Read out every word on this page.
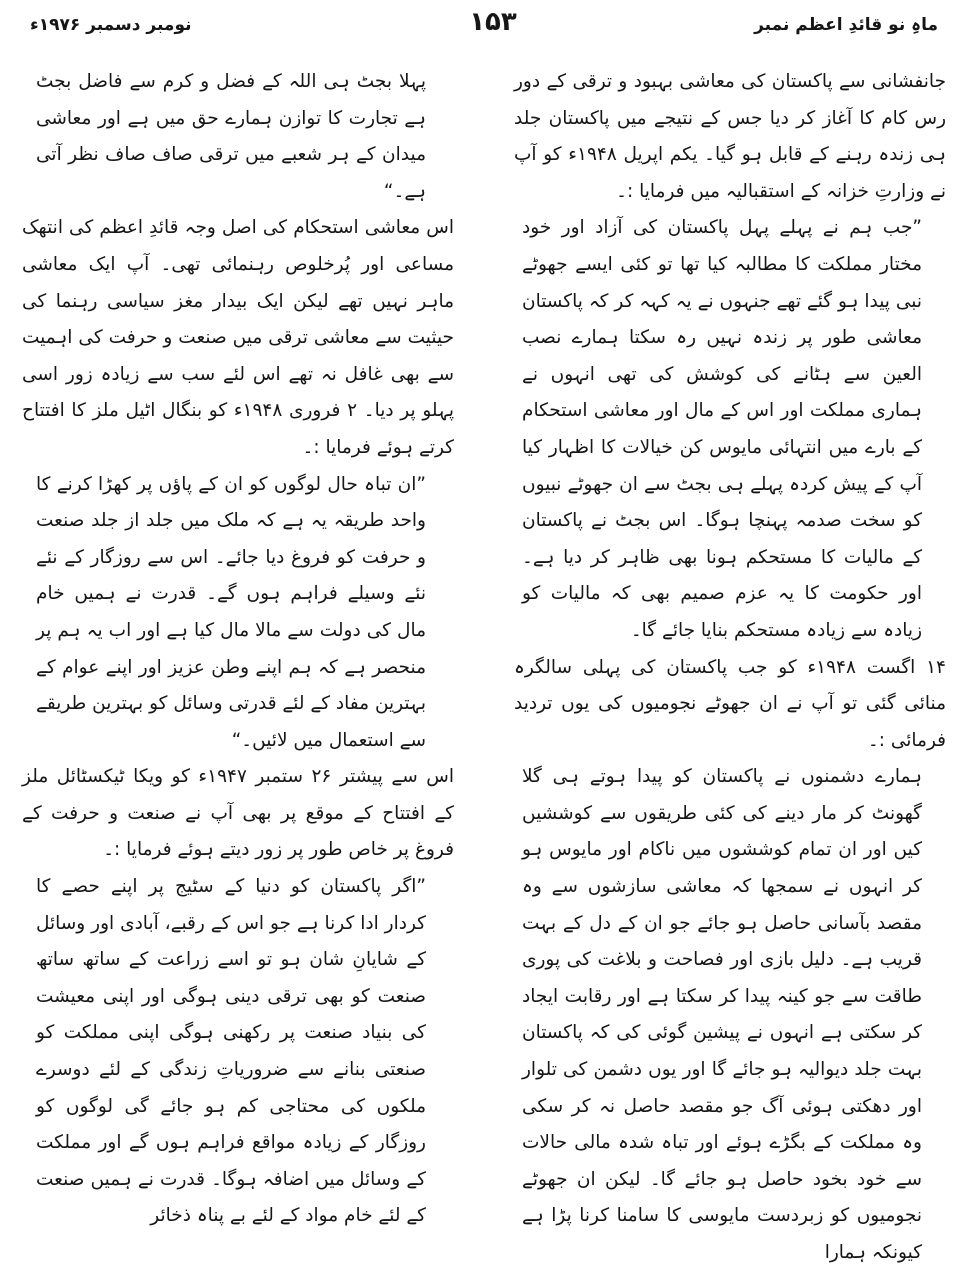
ماہِ نو قائدِ اعظم نمبر
۱۵۳
نومبر دسمبر ۱۹۷۶ء

جانفشانی سے پاکستان کی معاشی بہبود و ترقی کے دور رس کام کا آغاز کر دیا جس کے نتیجے میں پاکستان جلد ہی زندہ رہنے کے قابل ہو گیا۔ یکم اپریل ۱۹۴۸ء کو آپ نے وزارتِ خزانہ کے استقبالیہ میں فرمایا :۔

”جب ہم نے پہلے پہل پاکستان کی آزاد اور خود مختار مملکت کا مطالبہ کیا تھا تو کئی ایسے جھوٹے نبی پیدا ہو گئے تھے جنہوں نے یہ کہہ کر کہ پاکستان معاشی طور پر زندہ نہیں رہ سکتا ہمارے نصب العین سے ہٹانے کی کوشش کی تھی انہوں نے ہماری مملکت اور اس کے مال اور معاشی استحکام کے بارے میں انتہائی مایوس کن خیالات کا اظہار کیا آپ کے پیش کردہ پہلے ہی بجٹ سے ان جھوٹے نبیوں کو سخت صدمہ پہنچا ہوگا۔ اس بجٹ نے پاکستان کے مالیات کا مستحکم ہونا بھی ظاہر کر دیا ہے۔ اور حکومت کا یہ عزم صمیم بھی کہ مالیات کو زیادہ سے زیادہ مستحکم بنایا جائے گا۔

۱۴ اگست ۱۹۴۸ء کو جب پاکستان کی پہلی سالگرہ منائی گئی تو آپ نے ان جھوٹے نجومیوں کی یوں تردید فرمائی :۔

ہمارے دشمنوں نے پاکستان کو پیدا ہوتے ہی گلا گھونٹ کر مار دینے کی کئی طریقوں سے کوششیں کیں اور ان تمام کوششوں میں ناکام اور مایوس ہو کر انہوں نے سمجھا کہ معاشی سازشوں سے وہ مقصد بآسانی حاصل ہو جائے جو ان کے دل کے بہت قریب ہے۔ دلیل بازی اور فصاحت و بلاغت کی پوری طاقت سے جو کینہ پیدا کر سکتا ہے اور رقابت ایجاد کر سکتی ہے انہوں نے پیشین گوئی کی کہ پاکستان بہت جلد دیوالیہ ہو جائے گا اور یوں دشمن کی تلوار اور دھکتی ہوئی آگ جو مقصد حاصل نہ کر سکی وہ مملکت کے بگڑے ہوئے اور تباہ شدہ مالی حالات سے خود بخود حاصل ہو جائے گا۔ لیکن ان جھوٹے نجومیوں کو زبردست مایوسی کا سامنا کرنا پڑا ہے کیونکہ ہمارا

پہلا بجٹ ہی اللہ کے فضل و کرم سے فاضل بجٹ ہے تجارت کا توازن ہمارے حق میں ہے اور معاشی میدان کے ہر شعبے میں ترقی صاف صاف نظر آتی ہے۔“

اس معاشی استحکام کی اصل وجہ قائدِ اعظم کی انتھک مساعی اور پُرخلوص رہنمائی تھی۔ آپ ایک معاشی ماہر نہیں تھے لیکن ایک بیدار مغز سیاسی رہنما کی حیثیت سے معاشی ترقی میں صنعت و حرفت کی اہمیت سے بھی غافل نہ تھے اس لئے سب سے زیادہ زور اسی پہلو پر دیا۔ ۲ فروری ۱۹۴۸ء کو بنگال اٹیل ملز کا افتتاح کرتے ہوئے فرمایا :۔

”ان تباہ حال لوگوں کو ان کے پاؤں پر کھڑا کرنے کا واحد طریقہ یہ ہے کہ ملک میں جلد از جلد صنعت و حرفت کو فروغ دیا جائے۔ اس سے روزگار کے نئے نئے وسیلے فراہم ہوں گے۔ قدرت نے ہمیں خام مال کی دولت سے مالا مال کیا ہے اور اب یہ ہم پر منحصر ہے کہ ہم اپنے وطن عزیز اور اپنے عوام کے بہترین مفاد کے لئے قدرتی وسائل کو بہترین طریقے سے استعمال میں لائیں۔“

اس سے پیشتر ۲۶ ستمبر ۱۹۴۷ء کو ویکا ٹیکسٹائل ملز کے افتتاح کے موقع پر بھی آپ نے صنعت و حرفت کے فروغ پر خاص طور پر زور دیتے ہوئے فرمایا :۔

”اگر پاکستان کو دنیا کے سٹیج پر اپنے حصے کا کردار ادا کرنا ہے جو اس کے رقبے، آبادی اور وسائل کے شایانِ شان ہو تو اسے زراعت کے ساتھ ساتھ صنعت کو بھی ترقی دینی ہوگی اور اپنی معیشت کی بنیاد صنعت پر رکھنی ہوگی اپنی مملکت کو صنعتی بنانے سے ضروریاتِ زندگی کے لئے دوسرے ملکوں کی محتاجی کم ہو جائے گی لوگوں کو روزگار کے زیادہ مواقع فراہم ہوں گے اور مملکت کے وسائل میں اضافہ ہوگا۔ قدرت نے ہمیں صنعت کے لئے خام مواد کے لئے بے پناہ ذخائر
